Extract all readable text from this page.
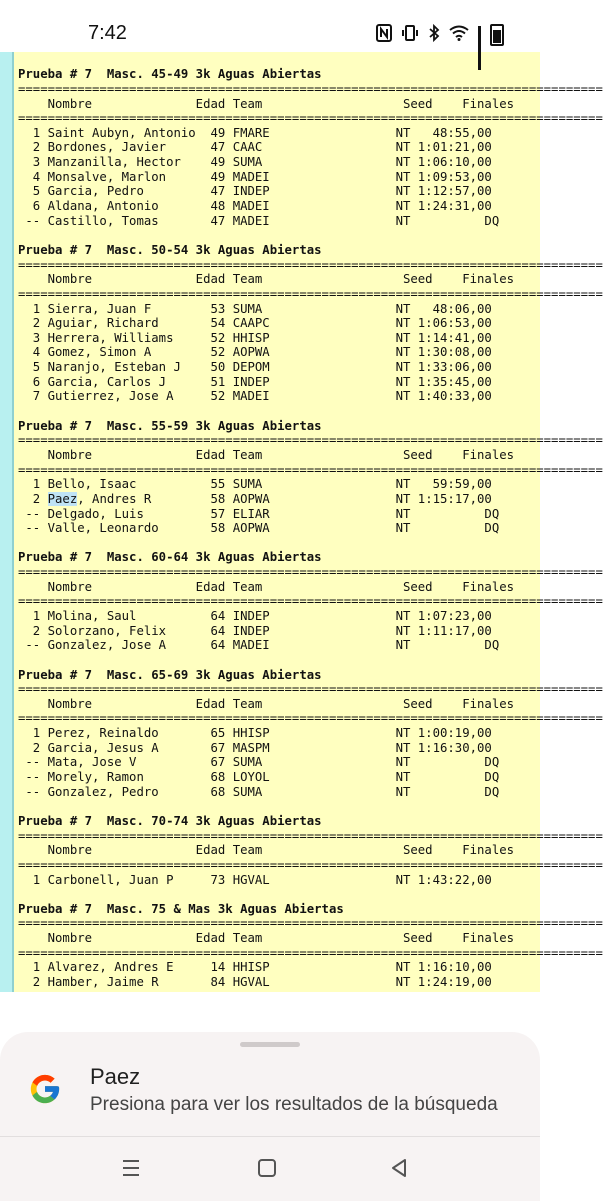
7:42

Prueba # 7  Masc. 45-49 3k Aguas Abiertas
===============================================================================
Nombre              Edad Team                   Seed    Finales
===============================================================================
1 Saint Aubyn, Antonio  49 FMARE                 NT   48:55,00
2 Bordones, Javier      47 CAAC                  NT 1:01:21,00
3 Manzanilla, Hector    49 SUMA                  NT 1:06:10,00
4 Monsalve, Marlon      49 MADEI                 NT 1:09:53,00
5 Garcia, Pedro         47 INDEP                 NT 1:12:57,00
6 Aldana, Antonio       48 MADEI                 NT 1:24:31,00
-- Castillo, Tomas       47 MADEI                 NT          DQ

Prueba # 7  Masc. 50-54 3k Aguas Abiertas
===============================================================================
Nombre              Edad Team                   Seed    Finales
===============================================================================
1 Sierra, Juan F        53 SUMA                  NT   48:06,00
2 Aguiar, Richard       54 CAAPC                 NT 1:06:53,00
3 Herrera, Williams     52 HHISP                 NT 1:14:41,00
4 Gomez, Simon A        52 AOPWA                 NT 1:30:08,00
5 Naranjo, Esteban J    50 DEPOM                 NT 1:33:06,00
6 Garcia, Carlos J      51 INDEP                 NT 1:35:45,00
7 Gutierrez, Jose A     52 MADEI                 NT 1:40:33,00

Prueba # 7  Masc. 55-59 3k Aguas Abiertas
===============================================================================
Nombre              Edad Team                   Seed    Finales
===============================================================================
1 Bello, Isaac          55 SUMA                  NT   59:59,00
2 Paez, Andres R        58 AOPWA                 NT 1:15:17,00
-- Delgado, Luis         57 ELIAR                 NT          DQ
-- Valle, Leonardo       58 AOPWA                 NT          DQ

Prueba # 7  Masc. 60-64 3k Aguas Abiertas
===============================================================================
Nombre              Edad Team                   Seed    Finales
===============================================================================
1 Molina, Saul          64 INDEP                 NT 1:07:23,00
2 Solorzano, Felix      64 INDEP                 NT 1:11:17,00
-- Gonzalez, Jose A      64 MADEI                 NT          DQ

Prueba # 7  Masc. 65-69 3k Aguas Abiertas
===============================================================================
Nombre              Edad Team                   Seed    Finales
===============================================================================
1 Perez, Reinaldo       65 HHISP                 NT 1:00:19,00
2 Garcia, Jesus A       67 MASPM                 NT 1:16:30,00
-- Mata, Jose V          67 SUMA                  NT          DQ
-- Morely, Ramon         68 LOYOL                 NT          DQ
-- Gonzalez, Pedro       68 SUMA                  NT          DQ

Prueba # 7  Masc. 70-74 3k Aguas Abiertas
===============================================================================
Nombre              Edad Team                   Seed    Finales
===============================================================================
1 Carbonell, Juan P     73 HGVAL                 NT 1:43:22,00

Prueba # 7  Masc. 75 & Mas 3k Aguas Abiertas
===============================================================================
Nombre              Edad Team                   Seed    Finales
===============================================================================
1 Alvarez, Andres E     14 HHISP                 NT 1:16:10,00
2 Hamber, Jaime R       84 HGVAL                 NT 1:24:19,00
Paez
Presiona para ver los resultados de la búsqueda
